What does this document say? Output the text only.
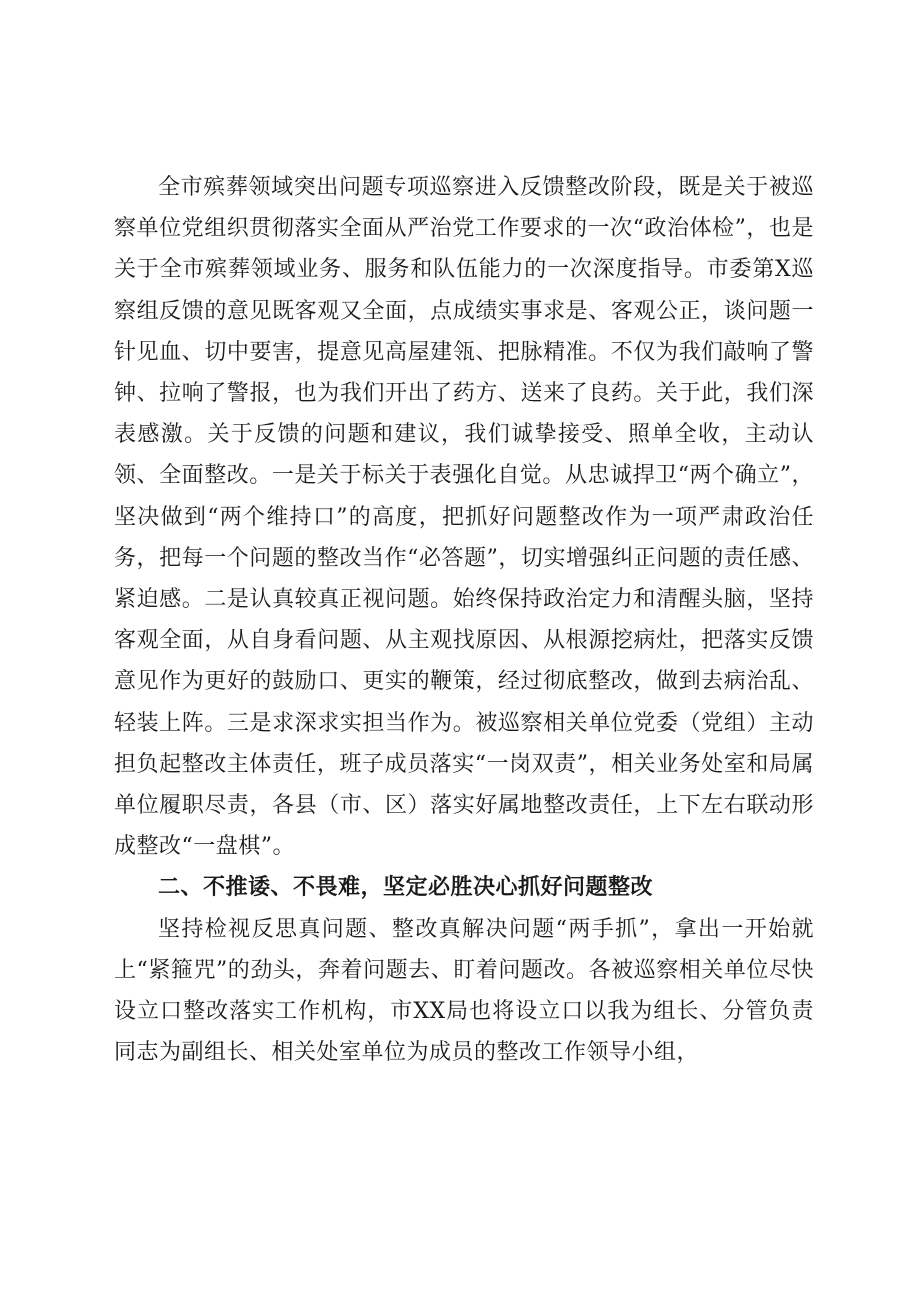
全市殡葬领域突出问题专项巡察进入反馈整改阶段，既是关于被巡察单位党组织贯彻落实全面从严治党工作要求的一次“政治体检”，也是关于全市殡葬领域业务、服务和队伍能力的一次深度指导。市委第X巡察组反馈的意见既客观又全面，点成绩实事求是、客观公正，谈问题一针见血、切中要害，提意见高屋建瓴、把脉精准。不仅为我们敲响了警钟、拉响了警报，也为我们开出了药方、送来了良药。关于此，我们深表感激。关于反馈的问题和建议，我们诚挚接受、照单全收，主动认领、全面整改。一是关于标关于表强化自觉。从忠诚捍卫“两个确立”，坚决做到“两个维持口”的高度，把抓好问题整改作为一项严肃政治任务，把每一个问题的整改当作“必答题”，切实增强纠正问题的责任感、紧迫感。二是认真较真正视问题。始终保持政治定力和清醒头脑，坚持客观全面，从自身看问题、从主观找原因、从根源挖病灶，把落实反馈意见作为更好的鼓励口、更实的鞭策，经过彻底整改，做到去病治乱、轻装上阵。三是求深求实担当作为。被巡察相关单位党委（党组）主动担负起整改主体责任，班子成员落实“一岗双责”，相关业务处室和局属单位履职尽责，各县（市、区）落实好属地整改责任，上下左右联动形成整改“一盘棋”。

二、不推诿、不畏难，坚定必胜决心抓好问题整改

坚持检视反思真问题、整改真解决问题“两手抓”，拿出一开始就上“紧箍咒”的劲头，奔着问题去、盯着问题改。各被巡察相关单位尽快设立口整改落实工作机构，市XX局也将设立口以我为组长、分管负责同志为副组长、相关处室单位为成员的整改工作领导小组，
